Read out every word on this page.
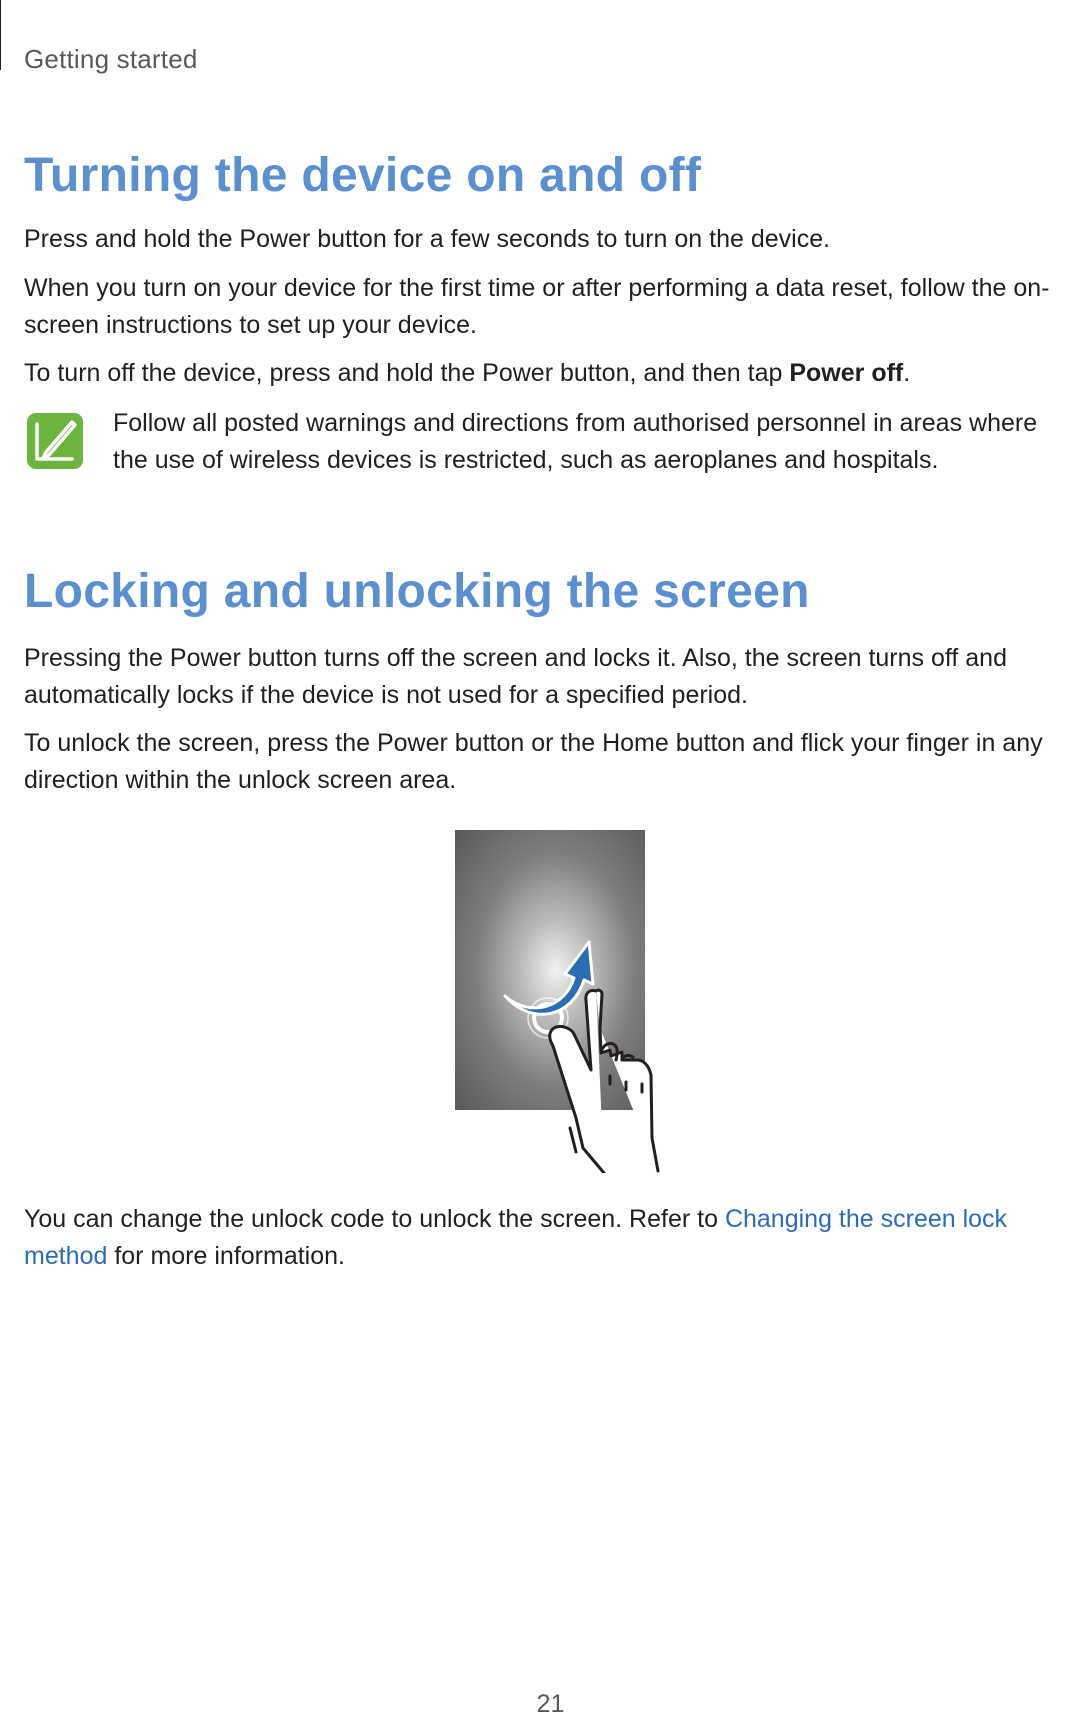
Getting started
Turning the device on and off

Press and hold the Power button for a few seconds to turn on the device.

When you turn on your device for the first time or after performing a data reset, follow the on-

screen instructions to set up your device.

To turn off the device, press and hold the Power button, and then tap Power off.

Follow all posted warnings and directions from authorised personnel in areas where

the use of wireless devices is restricted, such as aeroplanes and hospitals.

Locking and unlocking the screen

Pressing the Power button turns off the screen and locks it. Also, the screen turns off and

automatically locks if the device is not used for a specified period.

To unlock the screen, press the Power button or the Home button and flick your finger in any

direction within the unlock screen area.

You can change the unlock code to unlock the screen. Refer to Changing the screen lock

method for more information.

21
